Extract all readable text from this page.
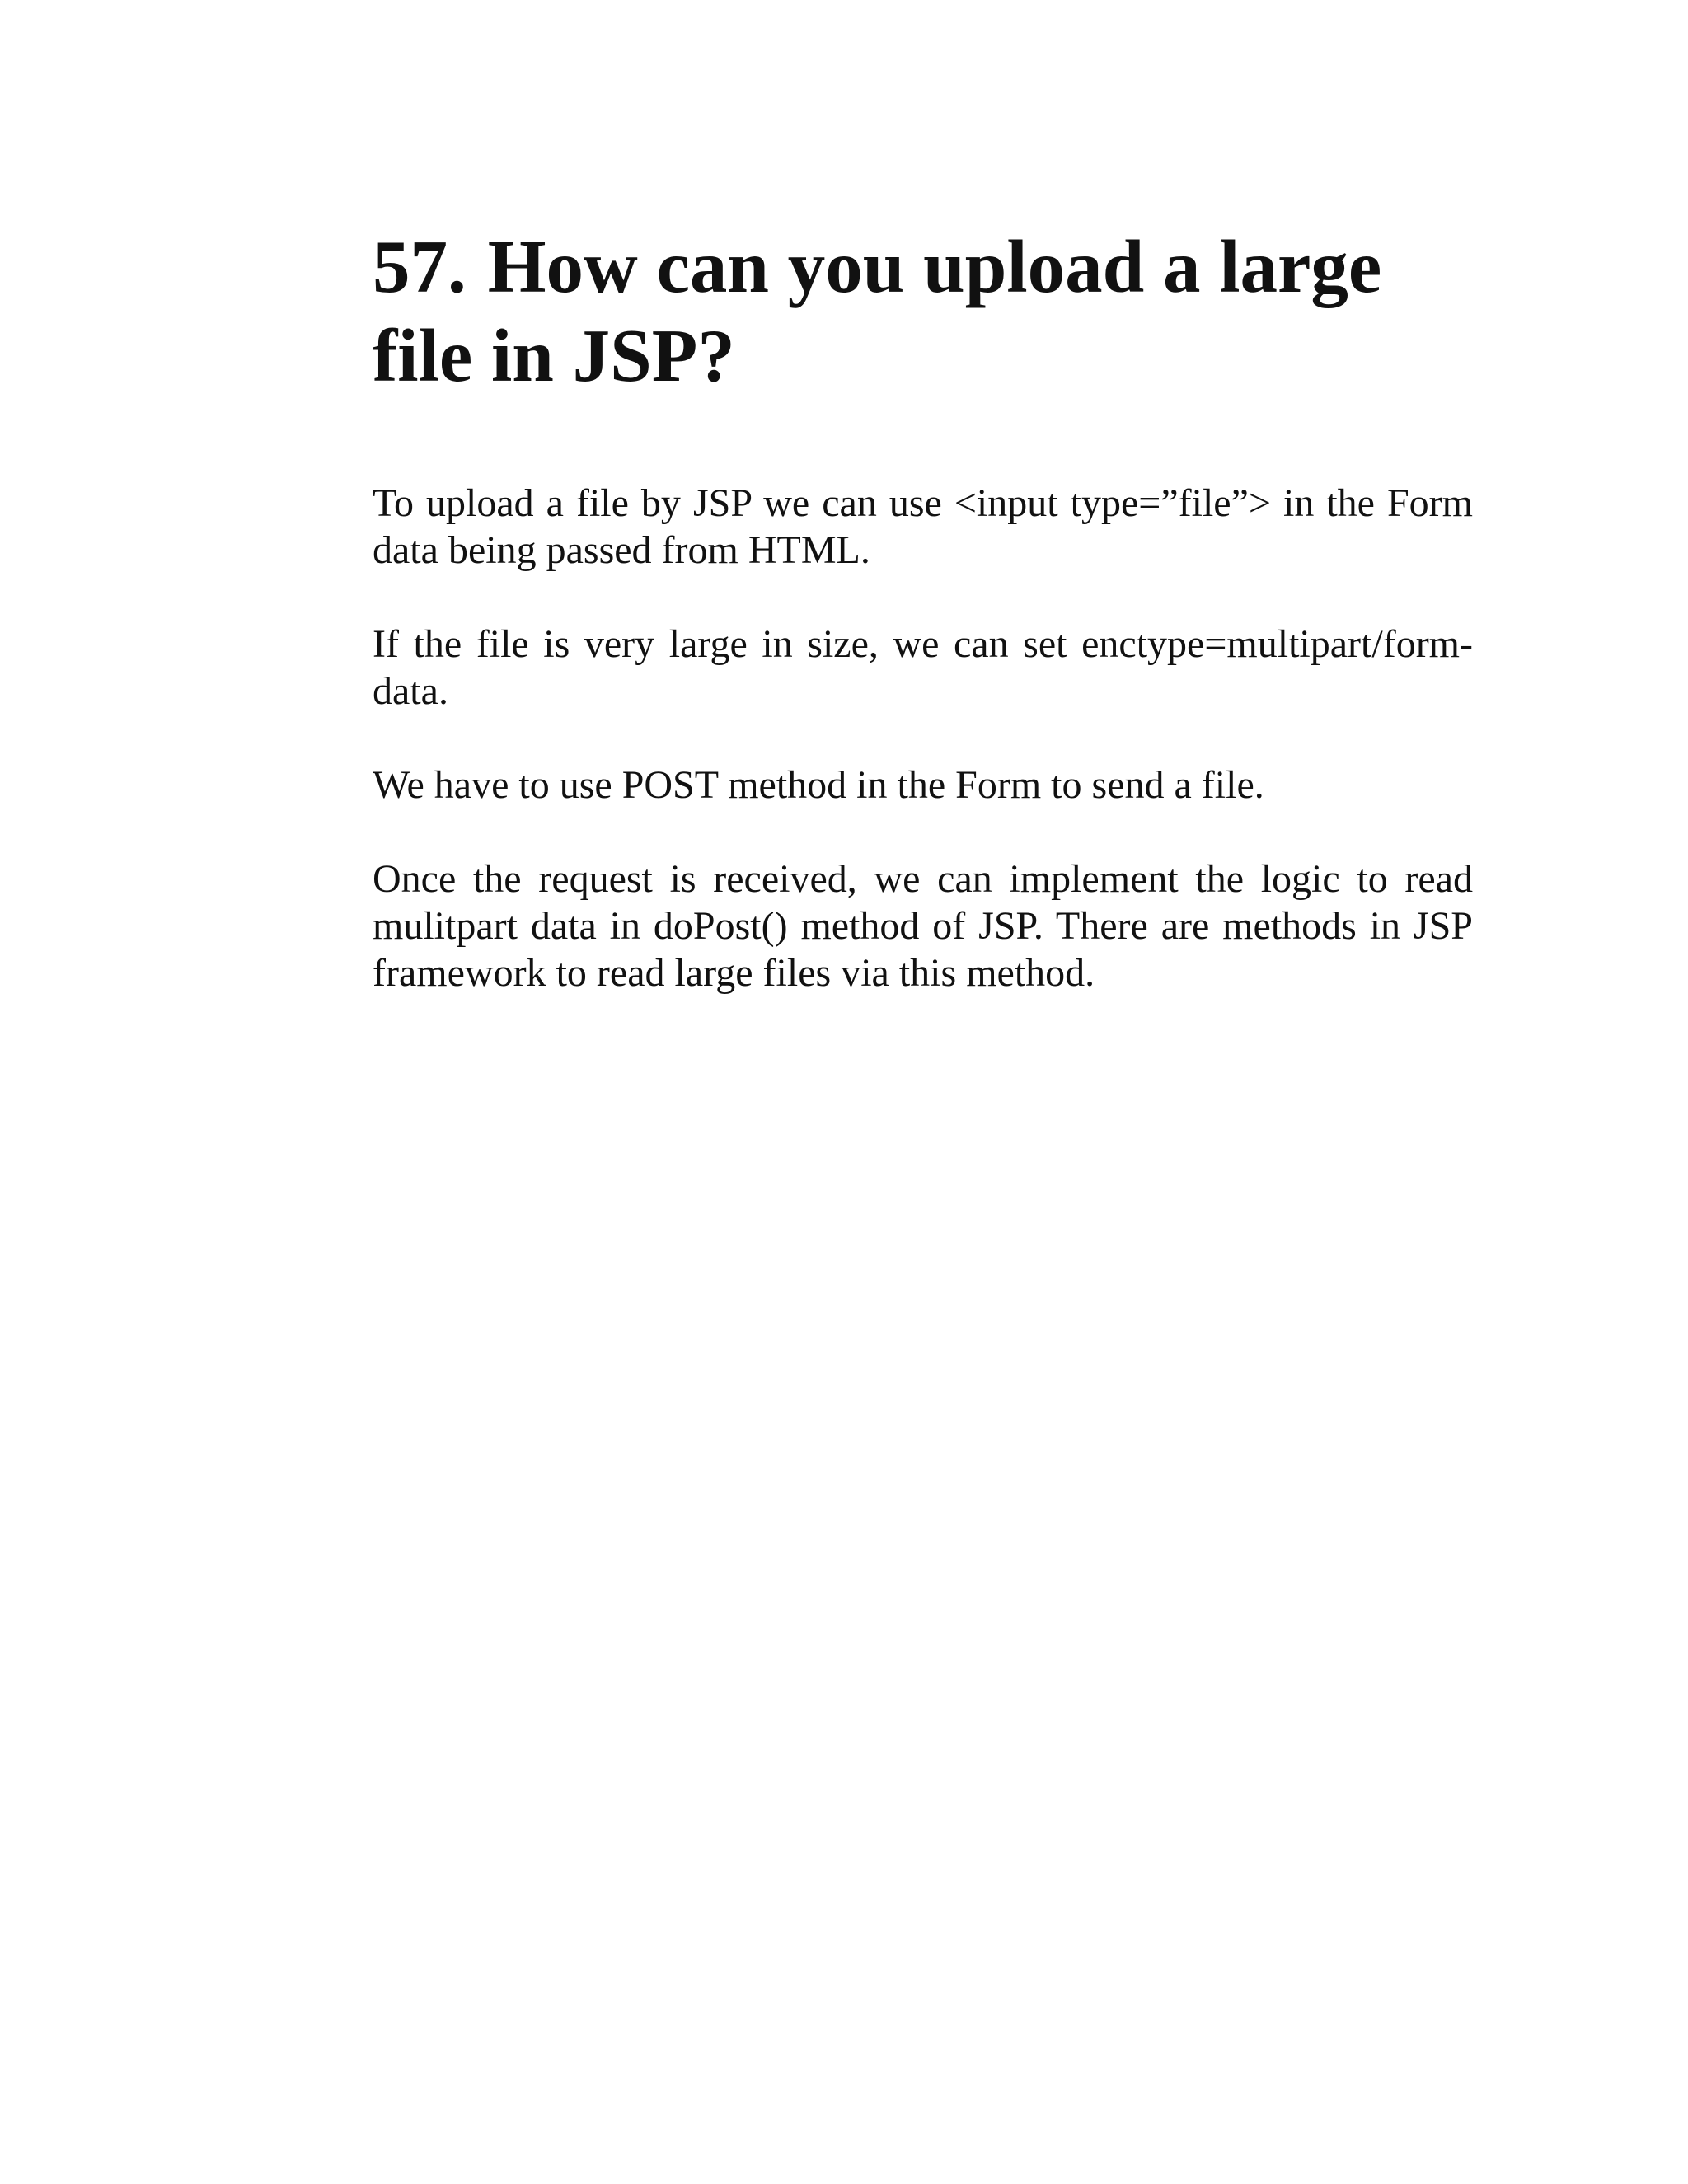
57. How can you upload a large file in JSP?

To upload a file by JSP we can use <input type=”file”> in the Form data being passed from HTML.

If the file is very large in size, we can set enctype=multipart/form-data.

We have to use POST method in the Form to send a file.

Once the request is received, we can implement the logic to read mulitpart data in doPost() method of JSP. There are methods in JSP framework to read large files via this method.
